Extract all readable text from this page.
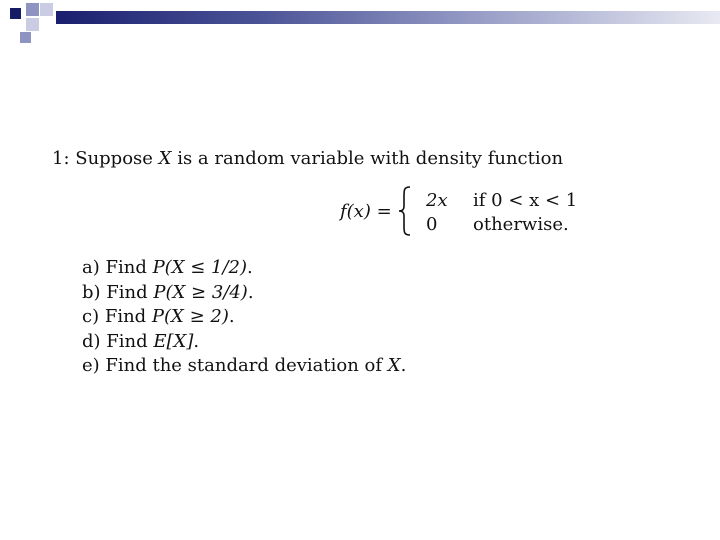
1: Suppose X is a random variable with density function
f(x) =
2x if 0 < x < 1
0 otherwise.
a) Find P(X ≤ 1/2).
b) Find P(X ≥ 3/4).
c) Find P(X ≥ 2).
d) Find E[X].
e) Find the standard deviation of X.
